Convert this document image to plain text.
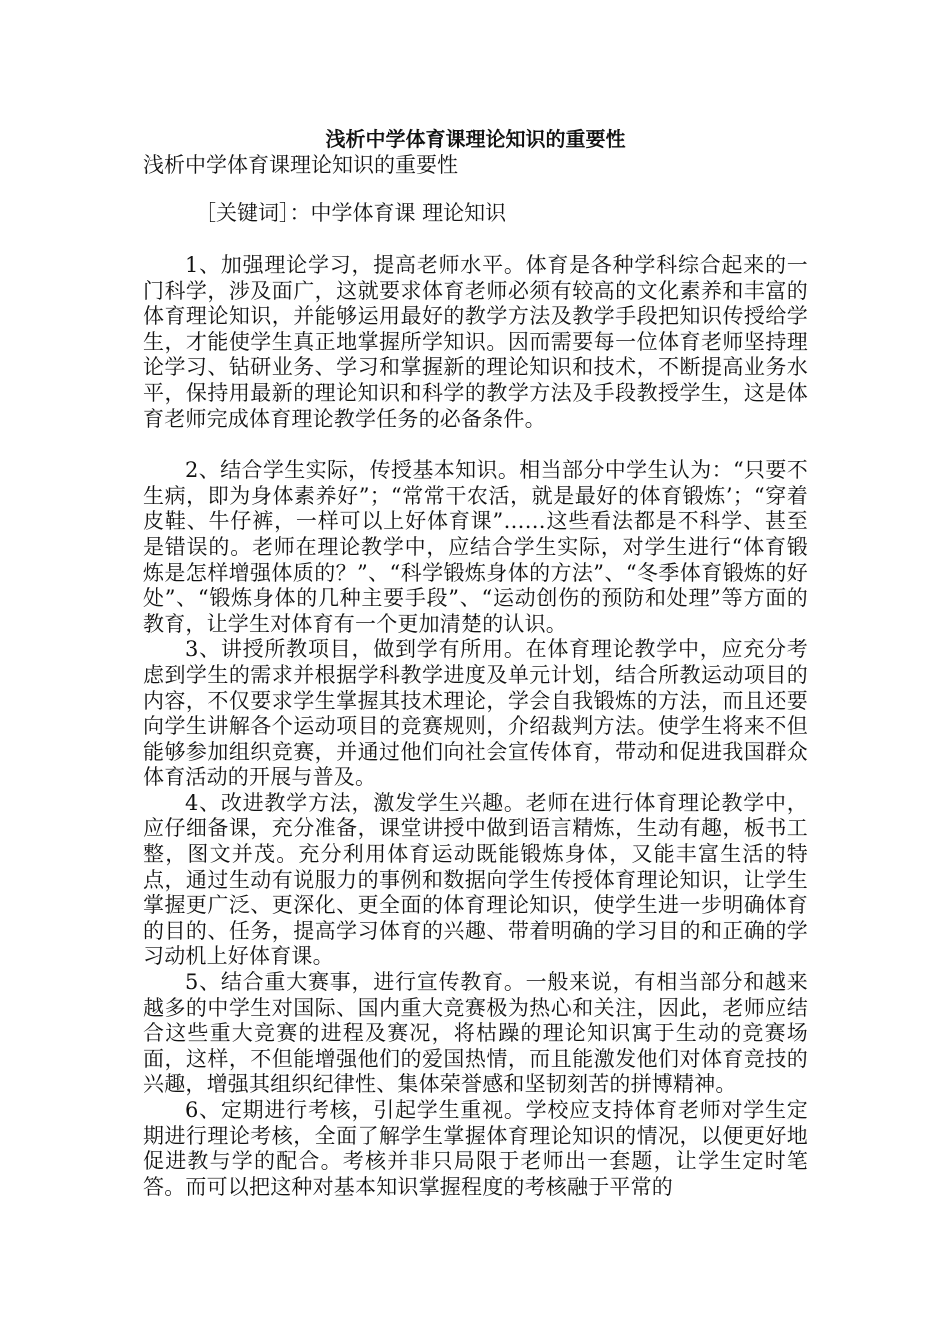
浅析中学体育课理论知识的重要性
浅析中学体育课理论知识的重要性
［关键词］：中学体育课 理论知识

1、加强理论学习，提高老师水平。体育是各种学科综合起来的一门科学，涉及面广，这就要求体育老师必须有较高的文化素养和丰富的体育理论知识，并能够运用最好的教学方法及教学手段把知识传授给学生，才能使学生真正地掌握所学知识。因而需要每一位体育老师坚持理论学习、钻研业务、学习和掌握新的理论知识和技术，不断提高业务水平，保持用最新的理论知识和科学的教学方法及手段教授学生，这是体育老师完成体育理论教学任务的必备条件。

2、结合学生实际，传授基本知识。相当部分中学生认为：“只要不生病，即为身体素养好”；“常常干农活，就是最好的体育锻炼’；“穿着皮鞋、牛仔裤，一样可以上好体育课”……这些看法都是不科学、甚至是错误的。老师在理论教学中，应结合学生实际，对学生进行“体育锻炼是怎样增强体质的？”、“科学锻炼身体的方法”、“冬季体育锻炼的好处”、“锻炼身体的几种主要手段”、“运动创伤的预防和处理”等方面的教育，让学生对体育有一个更加清楚的认识。

3、讲授所教项目，做到学有所用。在体育理论教学中，应充分考虑到学生的需求并根据学科教学进度及单元计划，结合所教运动项目的内容，不仅要求学生掌握其技术理论，学会自我锻炼的方法，而且还要向学生讲解各个运动项目的竞赛规则，介绍裁判方法。使学生将来不但能够参加组织竞赛，并通过他们向社会宣传体育，带动和促进我国群众体育活动的开展与普及。

4、改进教学方法，激发学生兴趣。老师在进行体育理论教学中，应仔细备课，充分准备，课堂讲授中做到语言精炼，生动有趣，板书工整，图文并茂。充分利用体育运动既能锻炼身体，又能丰富生活的特点，通过生动有说服力的事例和数据向学生传授体育理论知识，让学生掌握更广泛、更深化、更全面的体育理论知识，使学生进一步明确体育的目的、任务，提高学习体育的兴趣、带着明确的学习目的和正确的学习动机上好体育课。

5、结合重大赛事，进行宣传教育。一般来说，有相当部分和越来越多的中学生对国际、国内重大竞赛极为热心和关注，因此，老师应结合这些重大竞赛的进程及赛况，将枯躁的理论知识寓于生动的竞赛场面，这样，不但能增强他们的爱国热情，而且能激发他们对体育竞技的兴趣，增强其组织纪律性、集体荣誉感和坚韧刻苦的拼博精神。

6、定期进行考核，引起学生重视。学校应支持体育老师对学生定期进行理论考核，全面了解学生掌握体育理论知识的情况，以便更好地促进教与学的配合。考核并非只局限于老师出一套题，让学生定时笔答。而可以把这种对基本知识掌握程度的考核融于平常的
